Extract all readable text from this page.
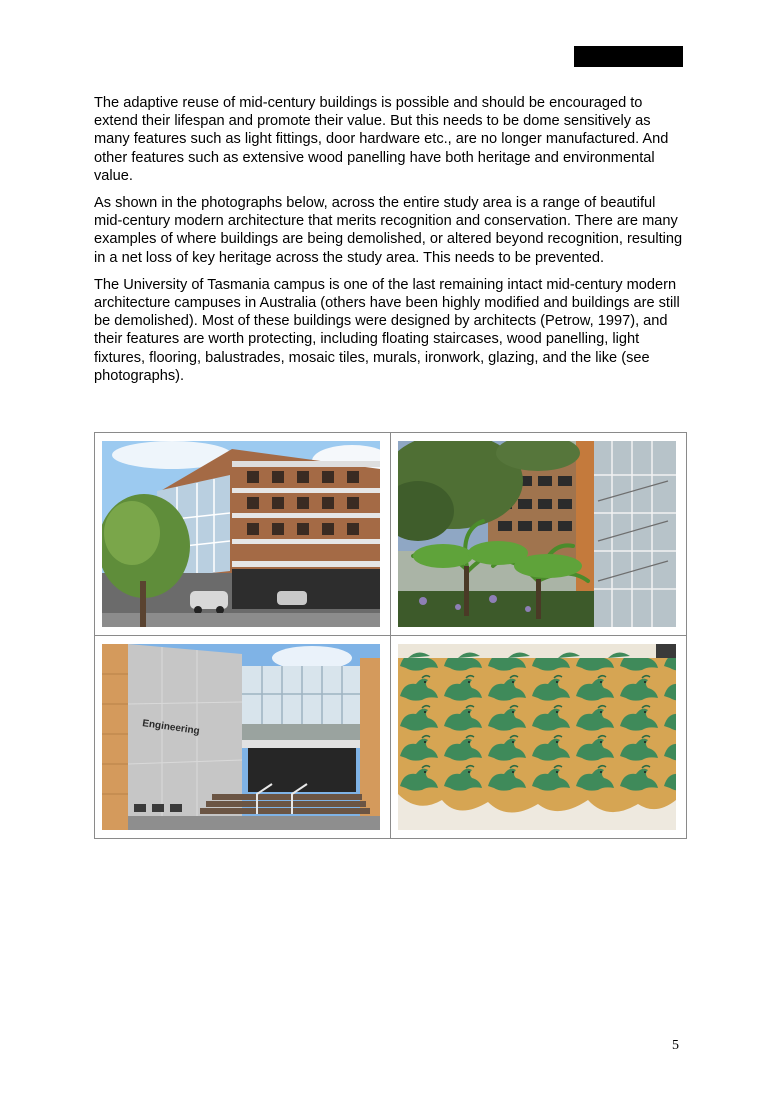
The adaptive reuse of mid-century buildings is possible and should be encouraged to extend their lifespan and promote their value. But this needs to be dome sensitively as many features such as light fittings, door hardware etc., are no longer manufactured. And other features such as extensive wood panelling have both heritage and environmental value.

As shown in the photographs below, across the entire study area is a range of beautiful mid-century modern architecture that merits recognition and conservation. There are many examples of where buildings are being demolished, or altered beyond recognition, resulting in a net loss of key heritage across the study area. This needs to be prevented.

The University of Tasmania campus is one of the last remaining intact mid-century modern architecture campuses in Australia (others have been highly modified and buildings are still be demolished). Most of these buildings were designed by architects (Petrow, 1997), and their features are worth protecting, including floating staircases, wood panelling, light fixtures, flooring, balustrades, mosaic tiles, murals, ironwork, glazing, and the like (see photographs).

Engineering

5
